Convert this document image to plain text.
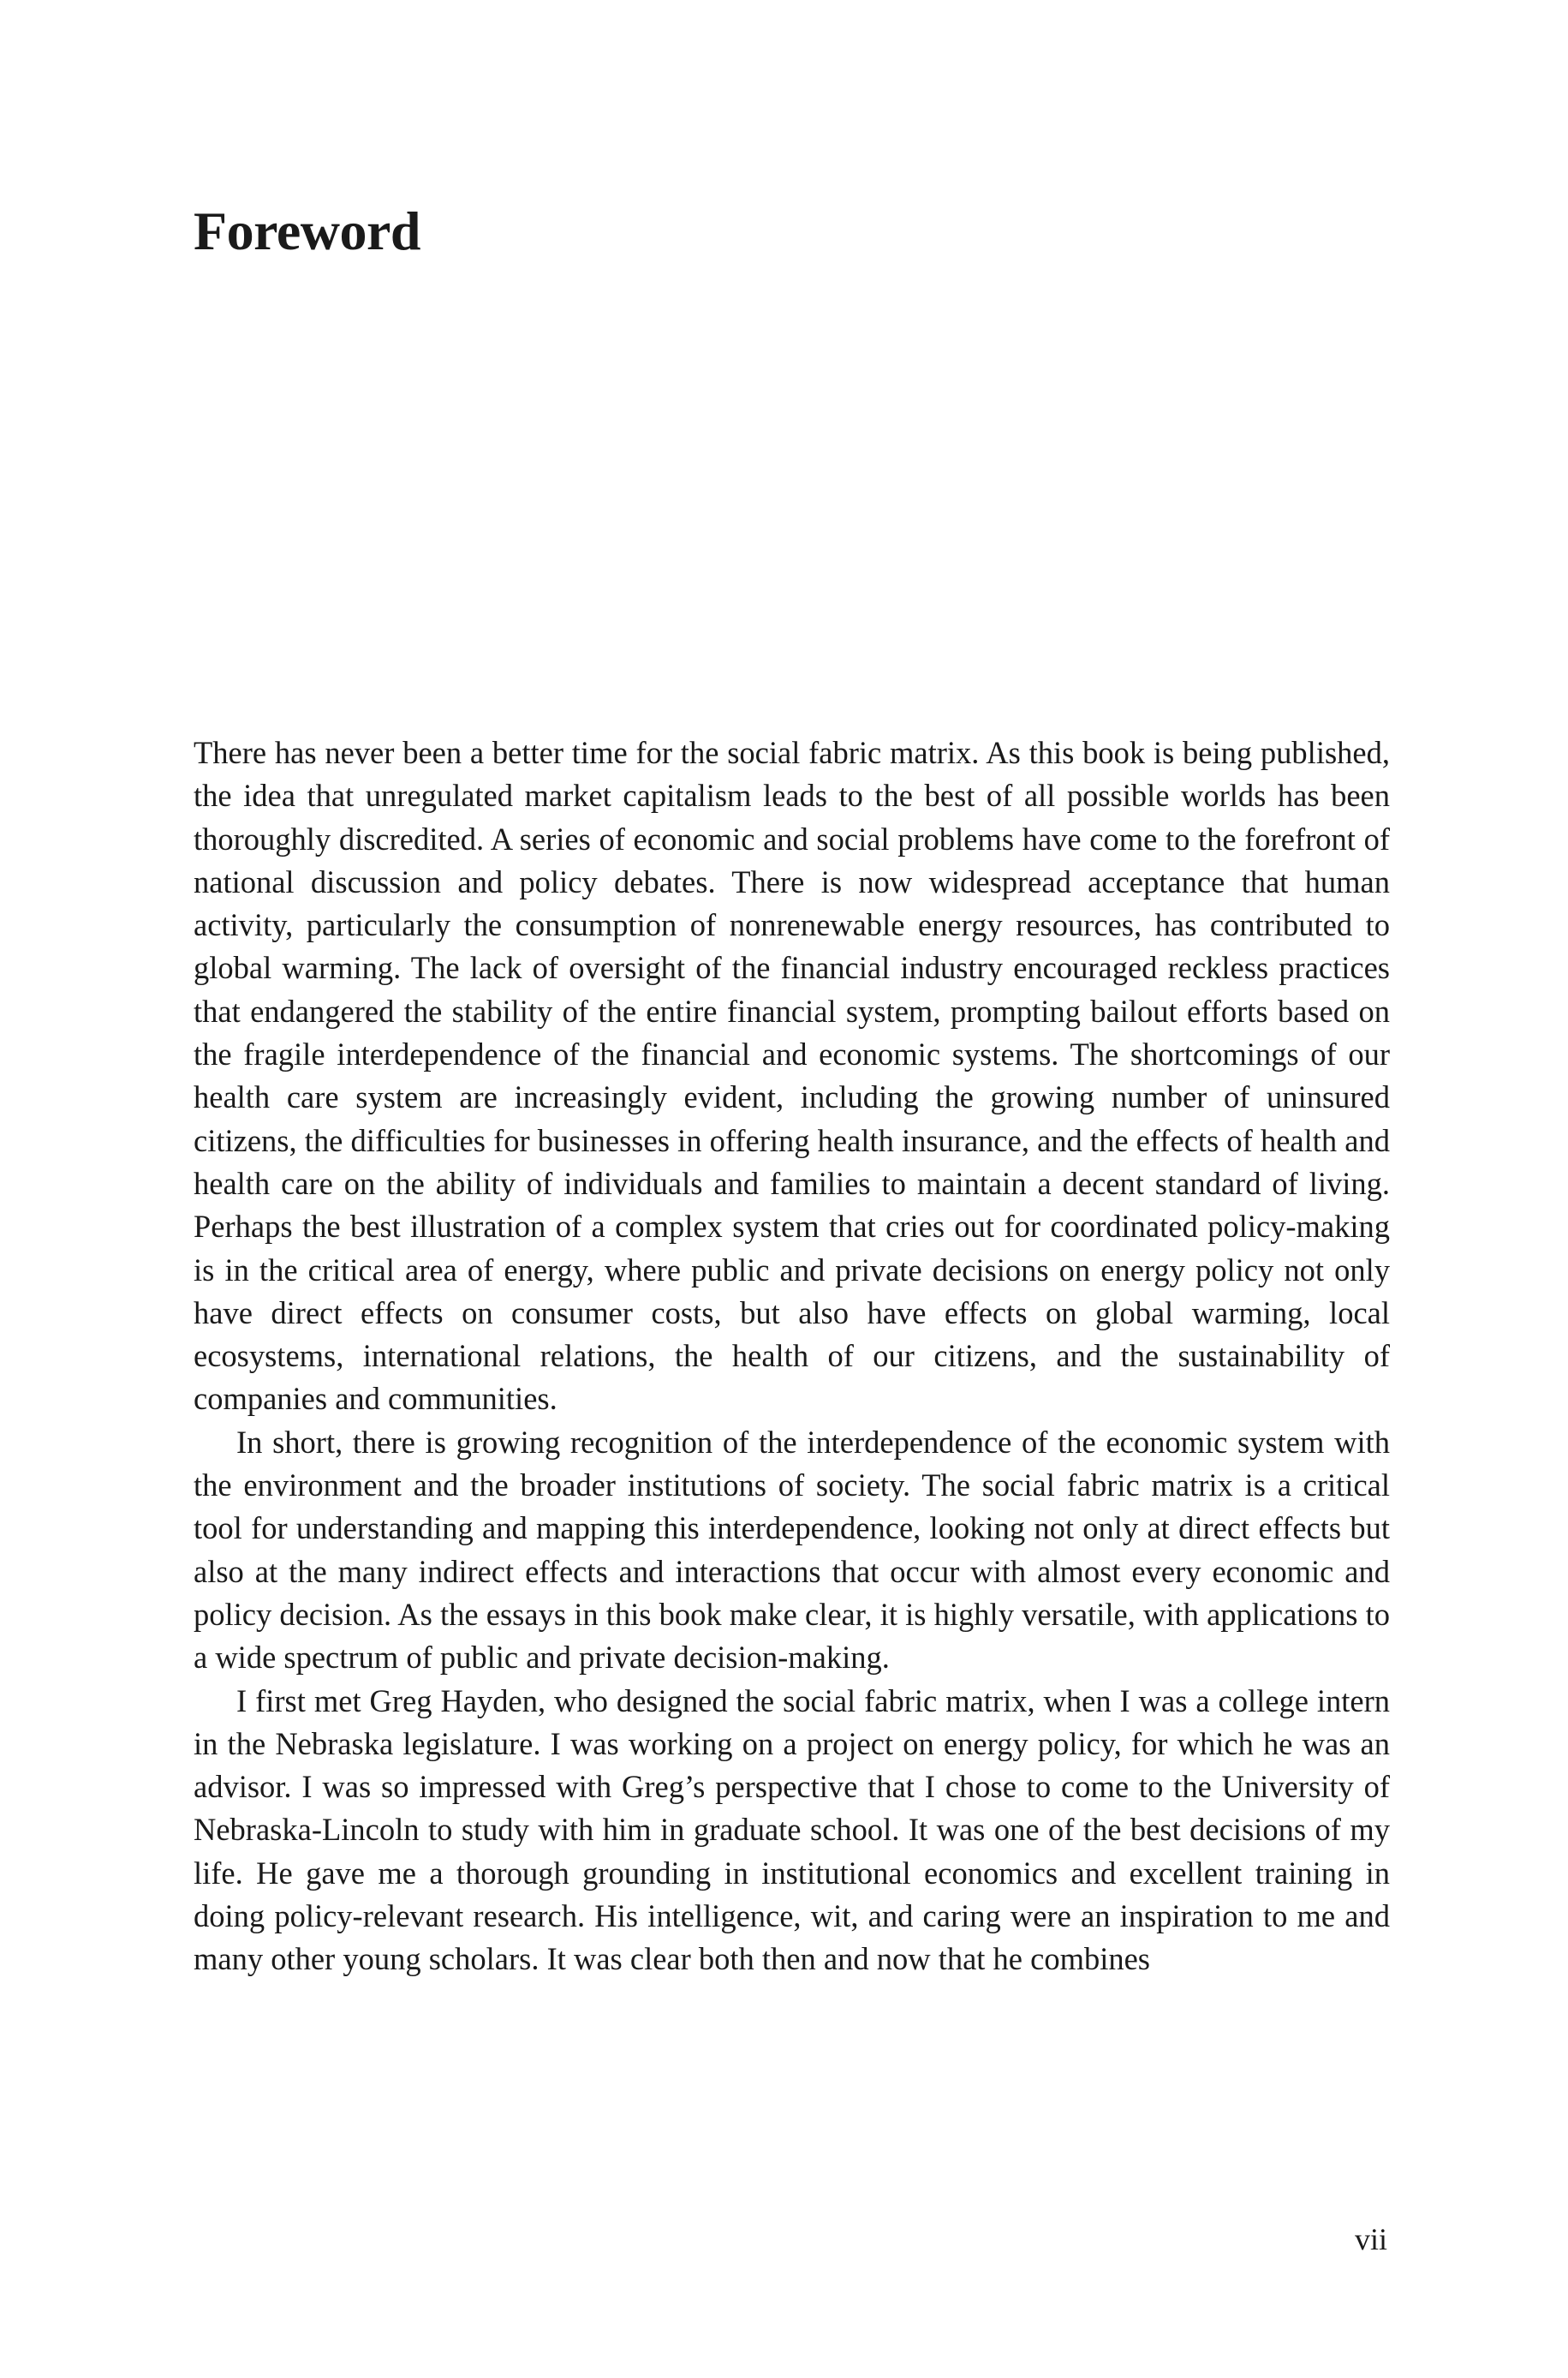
Foreword

There has never been a better time for the social fabric matrix. As this book is being published, the idea that unregulated market capitalism leads to the best of all possible worlds has been thoroughly discredited. A series of economic and social problems have come to the forefront of national discussion and policy debates. There is now widespread acceptance that human activity, particularly the consumption of nonrenewable energy resources, has contributed to global warming. The lack of oversight of the financial industry encouraged reckless practices that endangered the stability of the entire financial system, prompting bailout efforts based on the fragile interdependence of the financial and economic systems. The shortcomings of our health care system are increasingly evident, including the growing number of uninsured citizens, the difficulties for businesses in offering health insurance, and the effects of health and health care on the ability of individuals and families to maintain a decent standard of living. Perhaps the best illustration of a complex system that cries out for coordinated policy-making is in the critical area of energy, where public and private decisions on energy policy not only have direct effects on consumer costs, but also have effects on global warming, local ecosystems, international relations, the health of our citizens, and the sustainability of companies and communities.

In short, there is growing recognition of the interdependence of the economic system with the environment and the broader institutions of society. The social fabric matrix is a critical tool for understanding and mapping this interdependence, looking not only at direct effects but also at the many indirect effects and interactions that occur with almost every economic and policy decision. As the essays in this book make clear, it is highly versatile, with applications to a wide spectrum of public and private decision-making.

I first met Greg Hayden, who designed the social fabric matrix, when I was a college intern in the Nebraska legislature. I was working on a project on energy policy, for which he was an advisor. I was so impressed with Greg’s perspective that I chose to come to the University of Nebraska-Lincoln to study with him in graduate school. It was one of the best decisions of my life. He gave me a thorough grounding in institutional economics and excellent training in doing policy-relevant research. His intelligence, wit, and caring were an inspiration to me and many other young scholars. It was clear both then and now that he combines

vii
